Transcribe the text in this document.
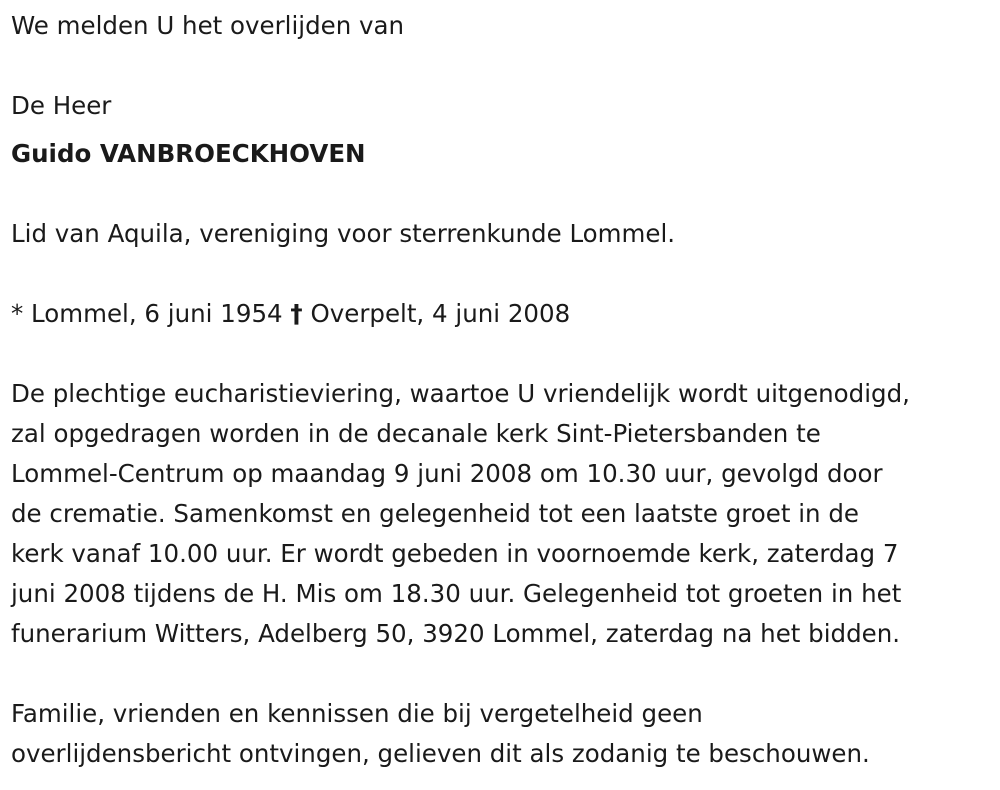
We melden U het overlijden van

De Heer

Guido VANBROECKHOVEN

Lid van Aquila, vereniging voor sterrenkunde Lommel.

* Lommel, 6 juni 1954 † Overpelt, 4 juni 2008

De plechtige eucharistieviering, waartoe U vriendelijk wordt uitgenodigd,
zal opgedragen worden in de decanale kerk Sint-Pietersbanden te
Lommel-Centrum op maandag 9 juni 2008 om 10.30 uur, gevolgd door
de crematie. Samenkomst en gelegenheid tot een laatste groet in de
kerk vanaf 10.00 uur. Er wordt gebeden in voornoemde kerk, zaterdag 7
juni 2008 tijdens de H. Mis om 18.30 uur. Gelegenheid tot groeten in het
funerarium Witters, Adelberg 50, 3920 Lommel, zaterdag na het bidden.
Familie, vrienden en kennissen die bij vergetelheid geen
overlijdensbericht ontvingen, gelieven dit als zodanig te beschouwen.
